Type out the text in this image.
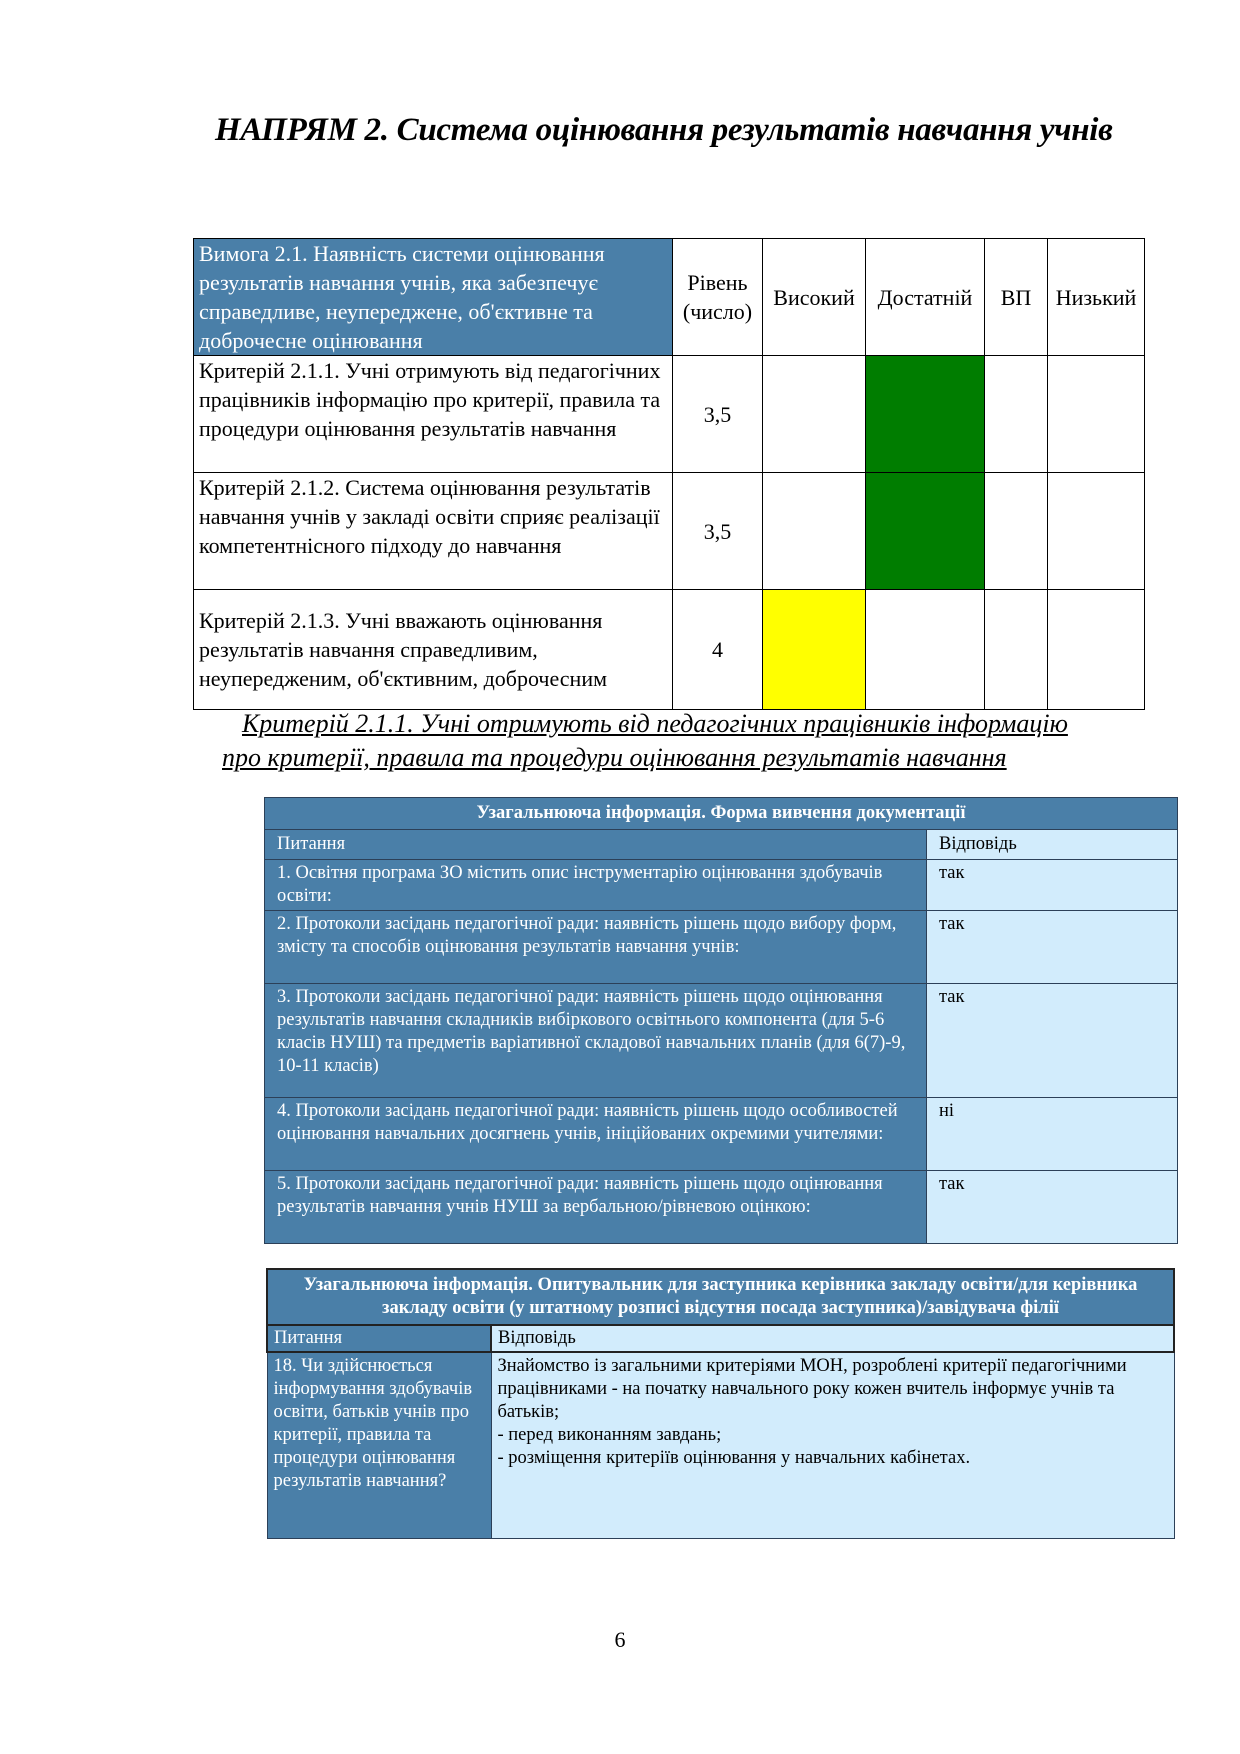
НАПРЯМ 2. Система оцінювання результатів навчання учнів
Вимога 2.1. Наявність системи оцінювання результатів навчання учнів, яка забезпечує справедливе, неупереджене, об'єктивне та доброчесне оцінювання	Рівень (число)	Високий	Достатній	ВП	Низький
Критерій 2.1.1. Учні отримують від педагогічних працівників інформацію про критерії, правила та процедури оцінювання результатів навчання	3,5				
Критерій 2.1.2. Система оцінювання результатів навчання учнів у закладі освіти сприяє реалізації компетентнісного підходу до навчання	3,5				
Критерій 2.1.3. Учні вважають оцінювання результатів навчання справедливим, неупередженим, об'єктивним, доброчесним	4				
Критерій 2.1.1. Учні отримують від педагогічних працівників інформацію
про критерії, правила та процедури оцінювання результатів навчання
Узагальнююча інформація. Форма вивчення документації	
Питання	Відповідь
1. Освітня програма ЗО містить опис інструментарію оцінювання здобувачів освіти:	так
2. Протоколи засідань педагогічної ради: наявність рішень щодо вибору форм, змісту та способів оцінювання результатів навчання учнів:	так
3. Протоколи засідань педагогічної ради: наявність рішень щодо оцінювання результатів навчання складників вибіркового освітнього компонента (для 5-6 класів НУШ) та предметів варіативної складової навчальних планів (для 6(7)-9, 10-11 класів)	так
4. Протоколи засідань педагогічної ради: наявність рішень щодо особливостей оцінювання навчальних досягнень учнів, ініційованих окремими учителями:	ні
5. Протоколи засідань педагогічної ради: наявність рішень щодо оцінювання результатів навчання учнів НУШ за вербальною/рівневою оцінкою:	так
Узагальнююча інформація. Опитувальник для заступника керівника закладу освіти/для керівника закладу освіти (у штатному розписі відсутня посада заступника)/завідувача філії	
Питання	Відповідь
18. Чи здійснюється інформування здобувачів освіти, батьків учнів про критерії, правила та процедури оцінювання результатів навчання?	Знайомство із загальними критеріями МОН, розроблені критерії педагогічними працівниками - на початку навчального року кожен вчитель інформує учнів та батьків;
- перед виконанням завдань;
- розміщення критеріїв оцінювання у навчальних кабінетах.
6
